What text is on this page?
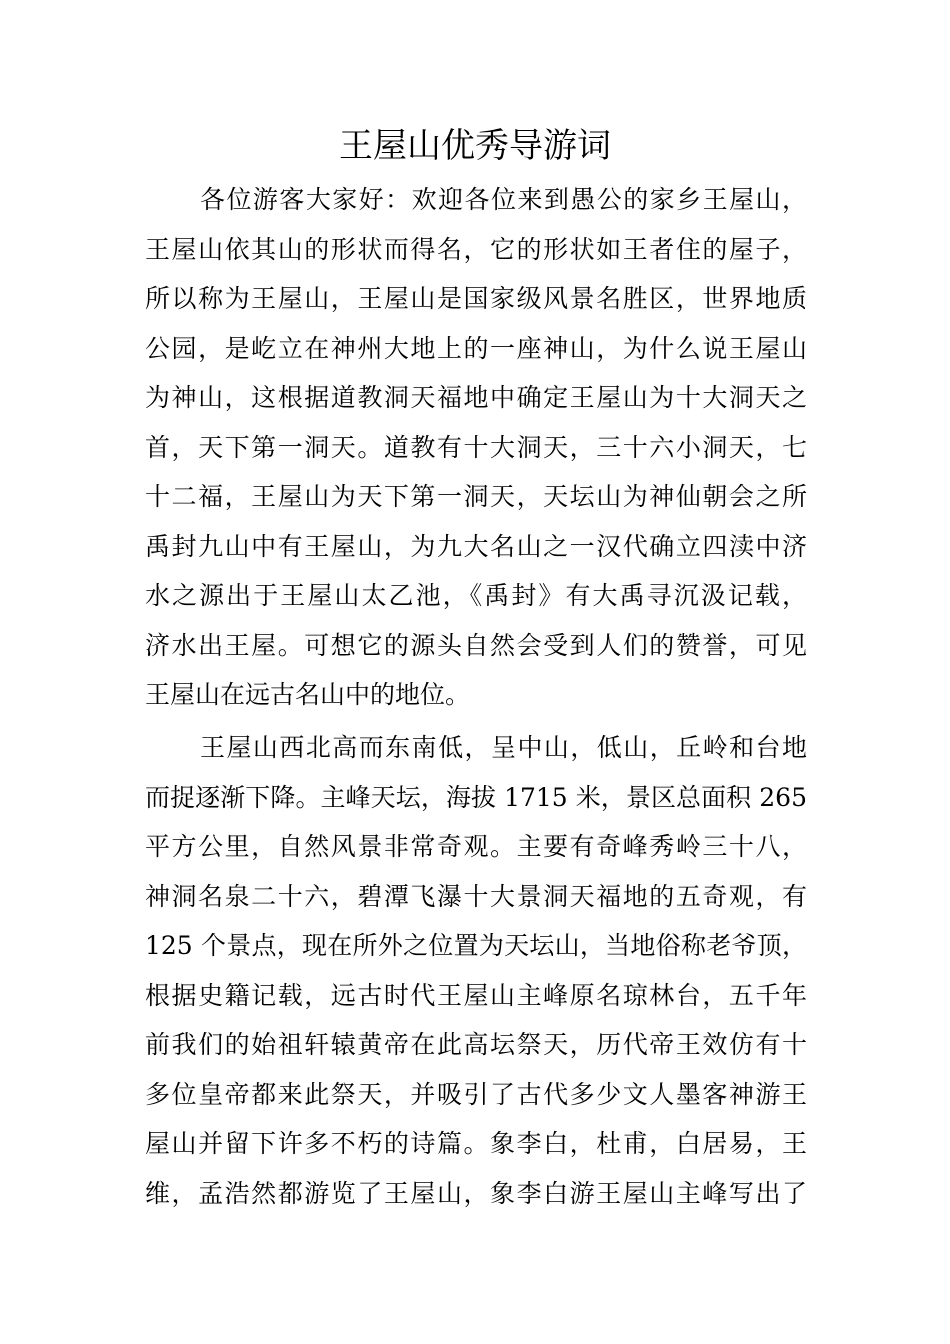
王屋山优秀导游词
各位游客大家好：欢迎各位来到愚公的家乡王屋山，
王屋山依其山的形状而得名，它的形状如王者住的屋子，
所以称为王屋山，王屋山是国家级风景名胜区，世界地质
公园，是屹立在神州大地上的一座神山，为什么说王屋山
为神山，这根据道教洞天福地中确定王屋山为十大洞天之
首，天下第一洞天。道教有十大洞天，三十六小洞天，七
十二福，王屋山为天下第一洞天，天坛山为神仙朝会之所
禹封九山中有王屋山，为九大名山之一汉代确立四渎中济
水之源出于王屋山太乙池，《禹封》有大禹寻沉汲记载，
济水出王屋。可想它的源头自然会受到人们的赞誉，可见
王屋山在远古名山中的地位。
王屋山西北高而东南低，呈中山，低山，丘岭和台地
而捉逐渐下降。主峰天坛，海拔 1715 米，景区总面积 265
平方公里，自然风景非常奇观。主要有奇峰秀岭三十八，
神洞名泉二十六，碧潭飞瀑十大景洞天福地的五奇观，有
125 个景点，现在所外之位置为天坛山，当地俗称老爷顶，
根据史籍记载，远古时代王屋山主峰原名琼林台，五千年
前我们的始祖轩辕黄帝在此高坛祭天，历代帝王效仿有十
多位皇帝都来此祭天，并吸引了古代多少文人墨客神游王
屋山并留下许多不朽的诗篇。象李白，杜甫，白居易，王
维，孟浩然都游览了王屋山，象李白游王屋山主峰写出了
